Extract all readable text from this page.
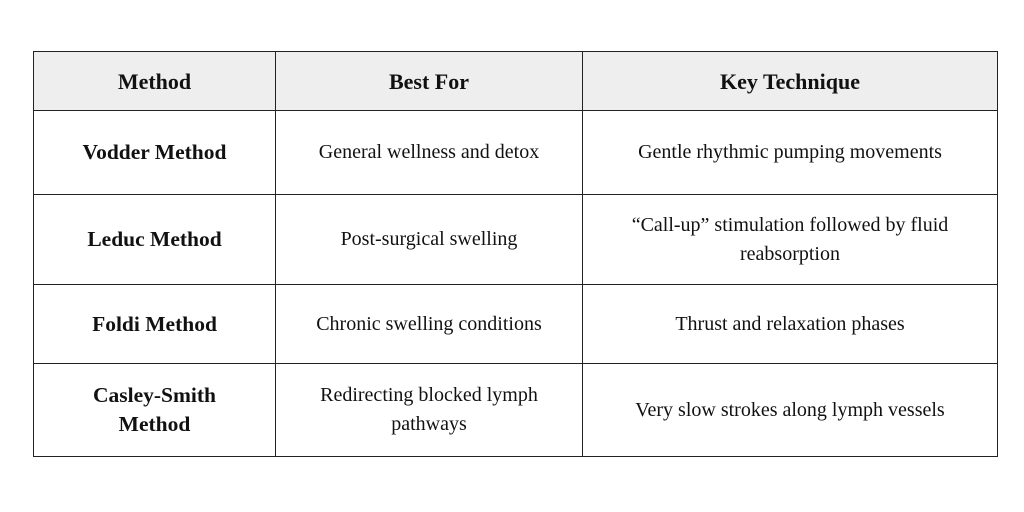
Method	Best For	Key Technique
Vodder Method	General wellness and detox	Gentle rhythmic pumping movements
Leduc Method	Post-surgical swelling	“Call-up” stimulation followed by fluid reabsorption
Foldi Method	Chronic swelling conditions	Thrust and relaxation phases
Casley-Smith Method	Redirecting blocked lymph pathways	Very slow strokes along lymph vessels
